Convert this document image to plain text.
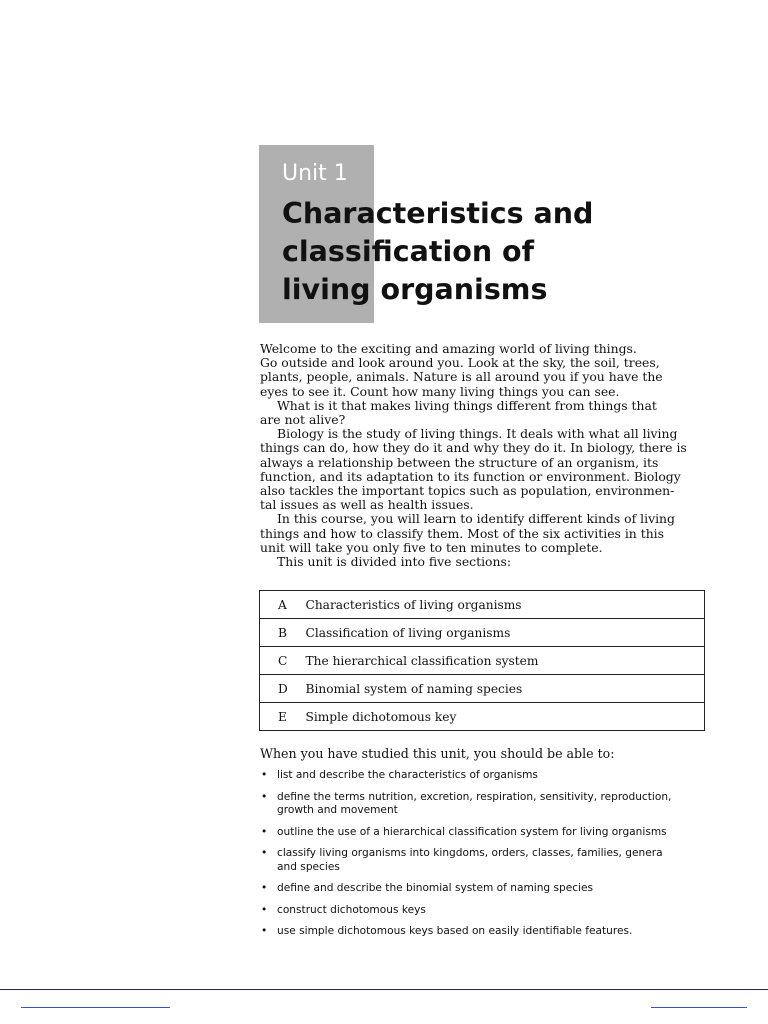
Unit 1
Characteristics and
classification of
living organisms

Welcome to the exciting and amazing world of living things.

Go outside and look around you. Look at the sky, the soil, trees,

plants, people, animals. Nature is all around you if you have the

eyes to see it. Count how many living things you can see.

What is it that makes living things different from things that

are not alive?

Biology is the study of living things. It deals with what all living

things can do, how they do it and why they do it. In biology, there is

always a relationship between the structure of an organism, its

function, and its adaptation to its function or environment. Biology

also tackles the important topics such as population, environmen-

tal issues as well as health issues.

In this course, you will learn to identify different kinds of living

things and how to classify them. Most of the six activities in this

unit will take you only five to ten minutes to complete.

This unit is divided into five sections:

A	Characteristics of living organisms
B	Classification of living organisms
C	The hierarchical classification system
D	Binomial system of naming species
E	Simple dichotomous key

When you have studied this unit, you should be able to:

• list and describe the characteristics of organisms
• define the terms nutrition, excretion, respiration, sensitivity, reproduction,
growth and movement
• outline the use of a hierarchical classification system for living organisms
• classify living organisms into kingdoms, orders, classes, families, genera
and species
• define and describe the binomial system of naming species
• construct dichotomous keys
• use simple dichotomous keys based on easily identifiable features.
